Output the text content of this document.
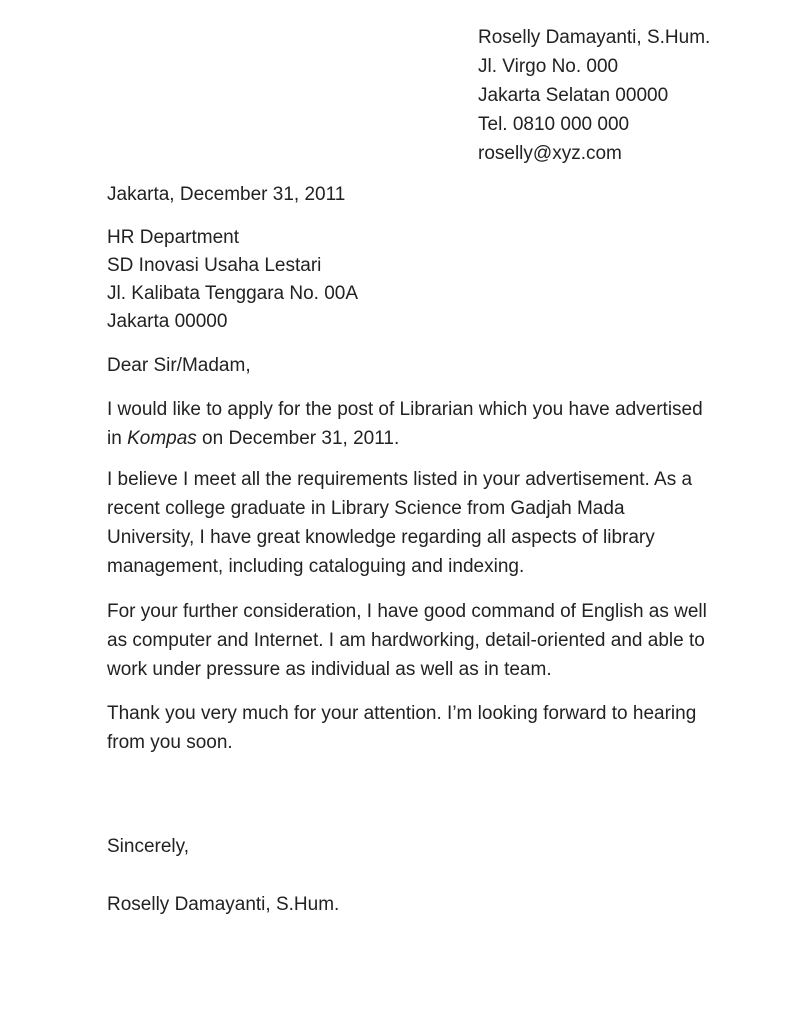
Roselly Damayanti, S.Hum.
Jl. Virgo No. 000
Jakarta Selatan 00000
Tel. 0810 000 000
roselly@xyz.com
Jakarta, December 31, 2011
HR Department
SD Inovasi Usaha Lestari
Jl. Kalibata Tenggara No. 00A
Jakarta 00000
Dear Sir/Madam,

I would like to apply for the post of Librarian which you have advertised in Kompas on December 31, 2011.

I believe I meet all the requirements listed in your advertisement. As a recent college graduate in Library Science from Gadjah Mada University, I have great knowledge regarding all aspects of library management, including cataloguing and indexing.

For your further consideration, I have good command of English as well as computer and Internet. I am hardworking, detail-oriented and able to work under pressure as individual as well as in team.

Thank you very much for your attention. I’m looking forward to hearing from you soon.

Sincerely,
Roselly Damayanti, S.Hum.
